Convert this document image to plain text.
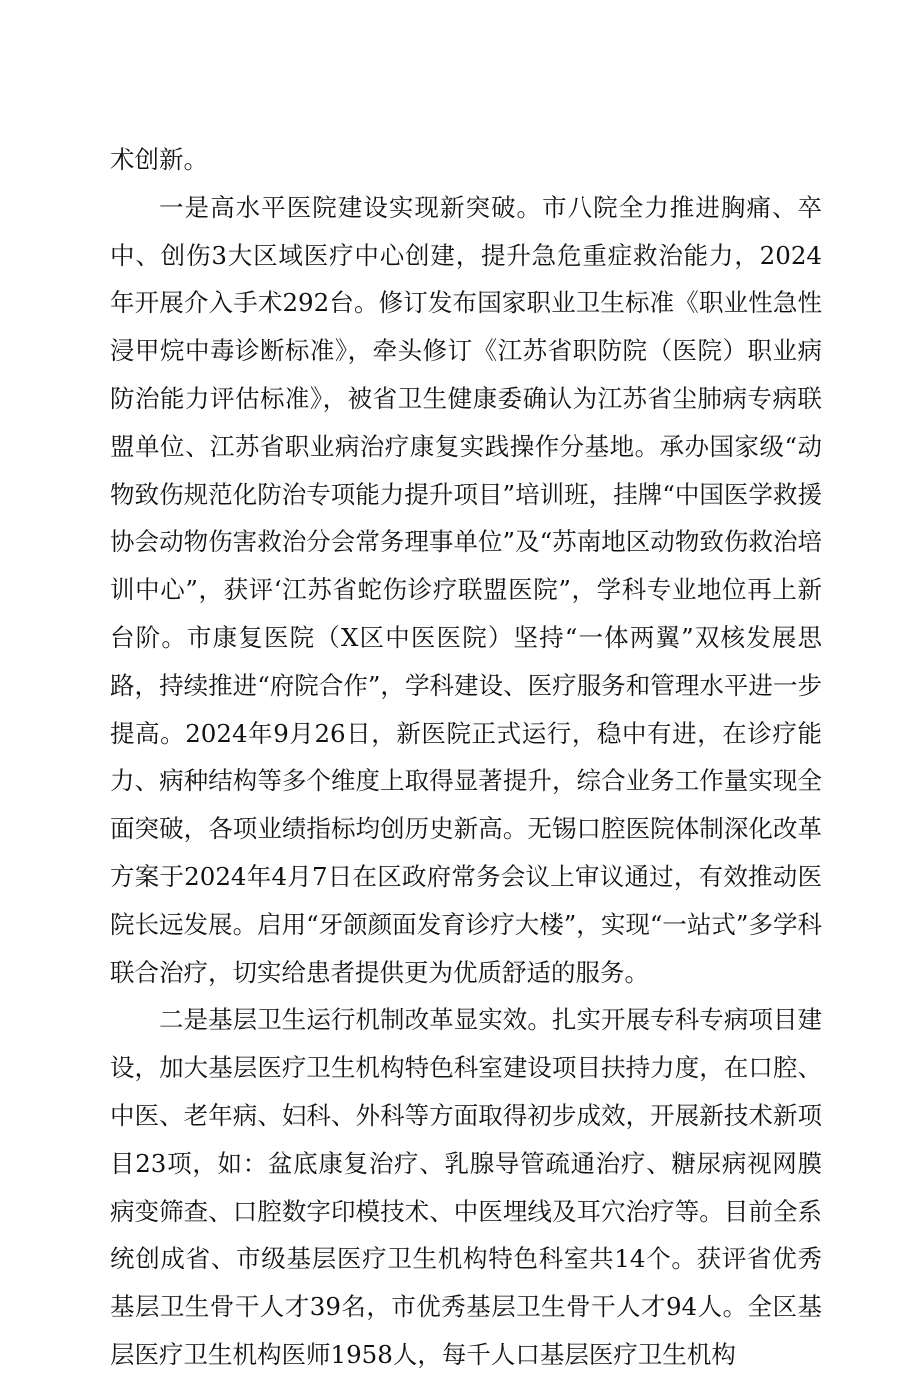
术创新。

一是高水平医院建设实现新突破。市八院全力推进胸痛、卒中、创伤3大区域医疗中心创建，提升急危重症救治能力，2024年开展介入手术292台。修订发布国家职业卫生标准《职业性急性浸甲烷中毒诊断标准》，牵头修订《江苏省职防院（医院）职业病防治能力评估标准》，被省卫生健康委确认为江苏省尘肺病专病联盟单位、江苏省职业病治疗康复实践操作分基地。承办国家级“动物致伤规范化防治专项能力提升项目”培训班，挂牌“中国医学救援协会动物伤害救治分会常务理事单位”及“苏南地区动物致伤救治培训中心”，获评‘江苏省蛇伤诊疗联盟医院”，学科专业地位再上新台阶。市康复医院（X区中医医院）坚持“一体两翼”双核发展思路，持续推进“府院合作”，学科建设、医疗服务和管理水平进一步提高。2024年9月26日，新医院正式运行，稳中有进，在诊疗能力、病种结构等多个维度上取得显著提升，综合业务工作量实现全面突破，各项业绩指标均创历史新高。无锡口腔医院体制深化改革方案于2024年4月7日在区政府常务会议上审议通过，有效推动医院长远发展。启用“牙颌颜面发育诊疗大楼”，实现“一站式”多学科联合治疗，切实给患者提供更为优质舒适的服务。

二是基层卫生运行机制改革显实效。扎实开展专科专病项目建设，加大基层医疗卫生机构特色科室建设项目扶持力度，在口腔、中医、老年病、妇科、外科等方面取得初步成效，开展新技术新项目23项，如：盆底康复治疗、乳腺导管疏通治疗、糖尿病视网膜病变筛查、口腔数字印模技术、中医埋线及耳穴治疗等。目前全系统创成省、市级基层医疗卫生机构特色科室共14个。获评省优秀基层卫生骨干人才39名，市优秀基层卫生骨干人才94人。全区基层医疗卫生机构医师1958人，每千人口基层医疗卫生机构
